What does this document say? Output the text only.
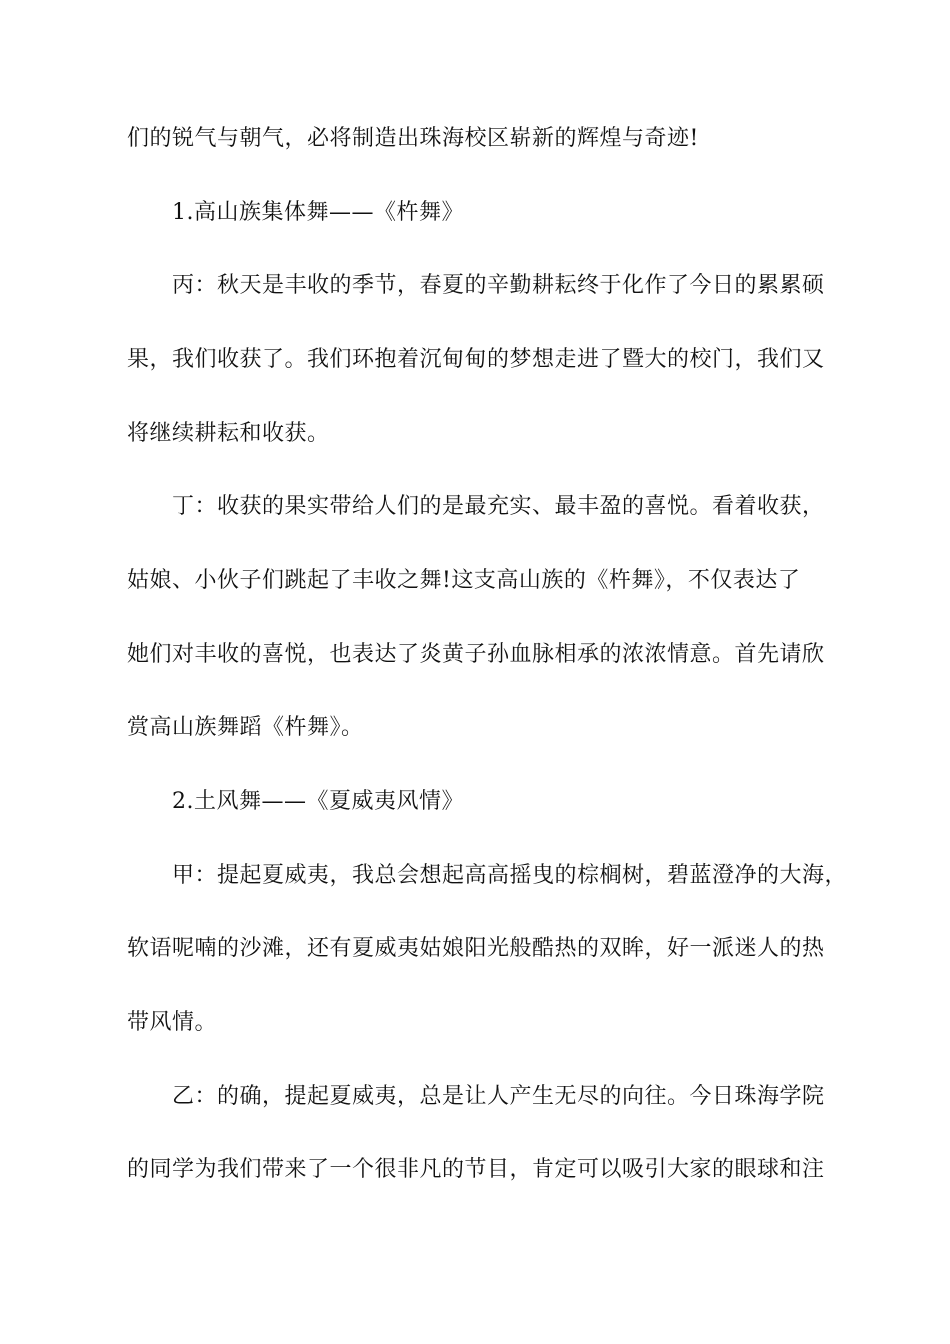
们的锐气与朝气，必将制造出珠海校区崭新的辉煌与奇迹!
1.高山族集体舞——《杵舞》
丙：秋天是丰收的季节，春夏的辛勤耕耘终于化作了今日的累累硕
果，我们收获了。我们环抱着沉甸甸的梦想走进了暨大的校门，我们又
将继续耕耘和收获。
丁：收获的果实带给人们的是最充实、最丰盈的喜悦。看着收获，
姑娘、小伙子们跳起了丰收之舞!这支高山族的《杵舞》，不仅表达了
她们对丰收的喜悦，也表达了炎黄子孙血脉相承的浓浓情意。首先请欣
赏高山族舞蹈《杵舞》。
2.土风舞——《夏威夷风情》
甲：提起夏威夷，我总会想起高高摇曳的棕榈树，碧蓝澄净的大海，
软语呢喃的沙滩，还有夏威夷姑娘阳光般酷热的双眸，好一派迷人的热
带风情。
乙：的确，提起夏威夷，总是让人产生无尽的向往。今日珠海学院
的同学为我们带来了一个很非凡的节目，肯定可以吸引大家的眼球和注
